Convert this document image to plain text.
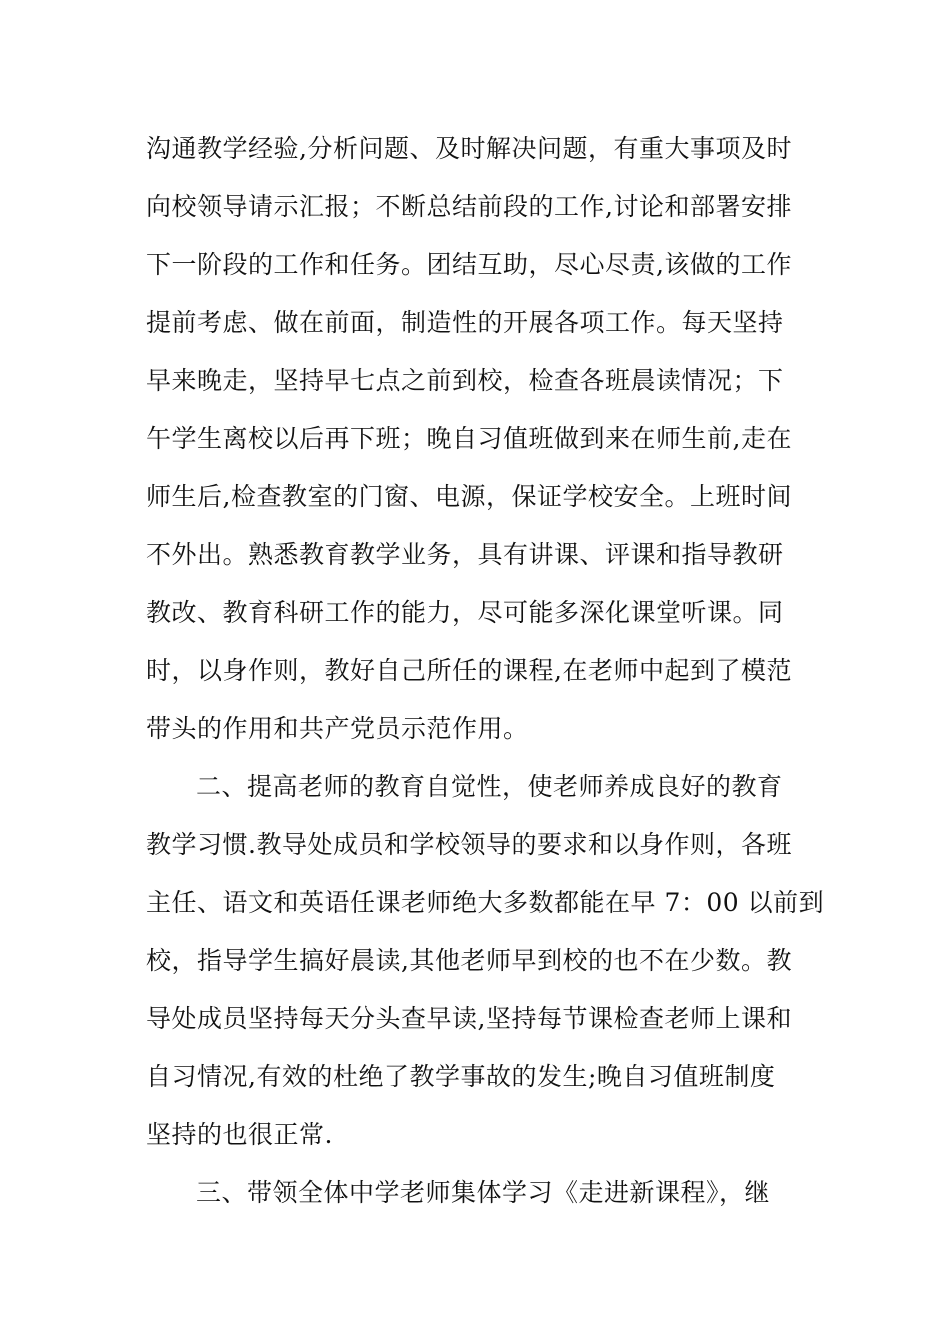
沟通教学经验,分析问题、及时解决问题，有重大事项及时
向校领导请示汇报；不断总结前段的工作,讨论和部署安排
下一阶段的工作和任务。团结互助，尽心尽责,该做的工作
提前考虑、做在前面，制造性的开展各项工作。每天坚持
早来晚走，坚持早七点之前到校，检查各班晨读情况；下
午学生离校以后再下班；晚自习值班做到来在师生前,走在
师生后,检查教室的门窗、电源，保证学校安全。上班时间
不外出。熟悉教育教学业务，具有讲课、评课和指导教研
教改、教育科研工作的能力，尽可能多深化课堂听课。同
时，以身作则，教好自己所任的课程,在老师中起到了模范
带头的作用和共产党员示范作用。
二、提高老师的教育自觉性，使老师养成良好的教育
教学习惯.教导处成员和学校领导的要求和以身作则，各班
主任、语文和英语任课老师绝大多数都能在早 7：00 以前到
校，指导学生搞好晨读,其他老师早到校的也不在少数。教
导处成员坚持每天分头查早读,坚持每节课检查老师上课和
自习情况,有效的杜绝了教学事故的发生;晚自习值班制度
坚持的也很正常.
三、带领全体中学老师集体学习《走进新课程》，继
